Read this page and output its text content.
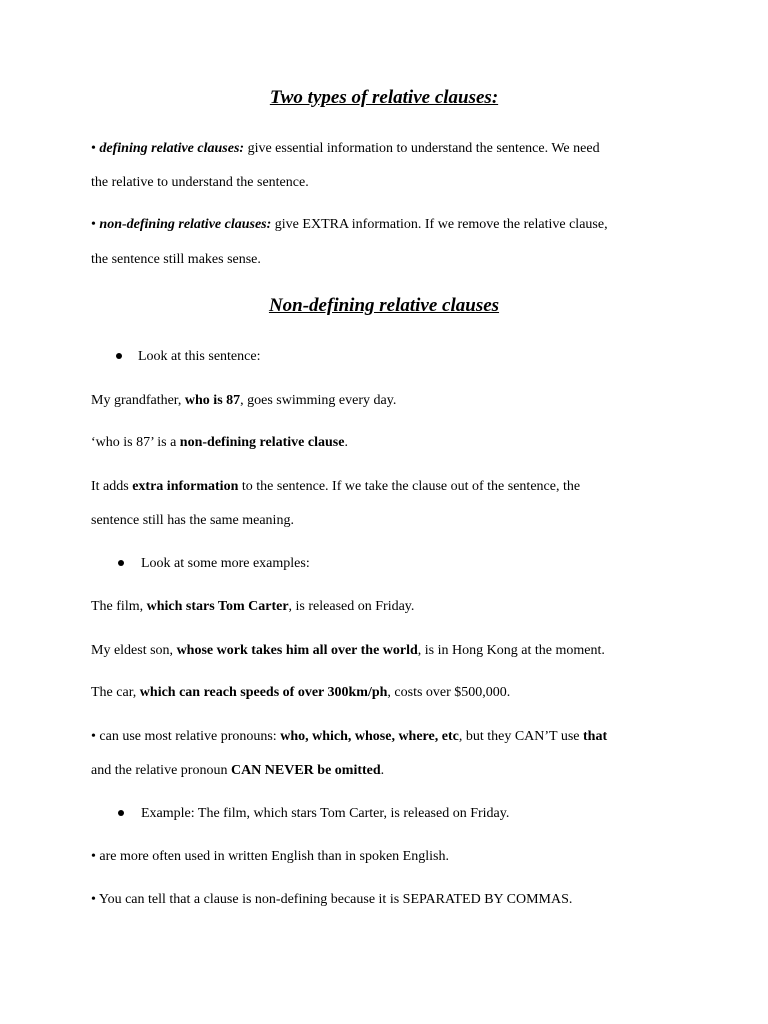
Two types of relative clauses:
• defining relative clauses: give essential information to understand the sentence. We need
the relative to understand the sentence.
• non-defining relative clauses: give EXTRA information. If we remove the relative clause,
the sentence still makes sense.
Non-defining relative clauses
Look at this sentence:
My grandfather, who is 87, goes swimming every day.
‘who is 87’ is a non-defining relative clause.
It adds extra information to the sentence. If we take the clause out of the sentence, the
sentence still has the same meaning.
Look at some more examples:
The film, which stars Tom Carter, is released on Friday.
My eldest son, whose work takes him all over the world, is in Hong Kong at the moment.
The car, which can reach speeds of over 300km/ph, costs over $500,000.
• can use most relative pronouns: who, which, whose, where, etc, but they CAN’T use that
and the relative pronoun CAN NEVER be omitted.
Example: The film, which stars Tom Carter, is released on Friday.
• are more often used in written English than in spoken English.
• You can tell that a clause is non-defining because it is SEPARATED BY COMMAS.
